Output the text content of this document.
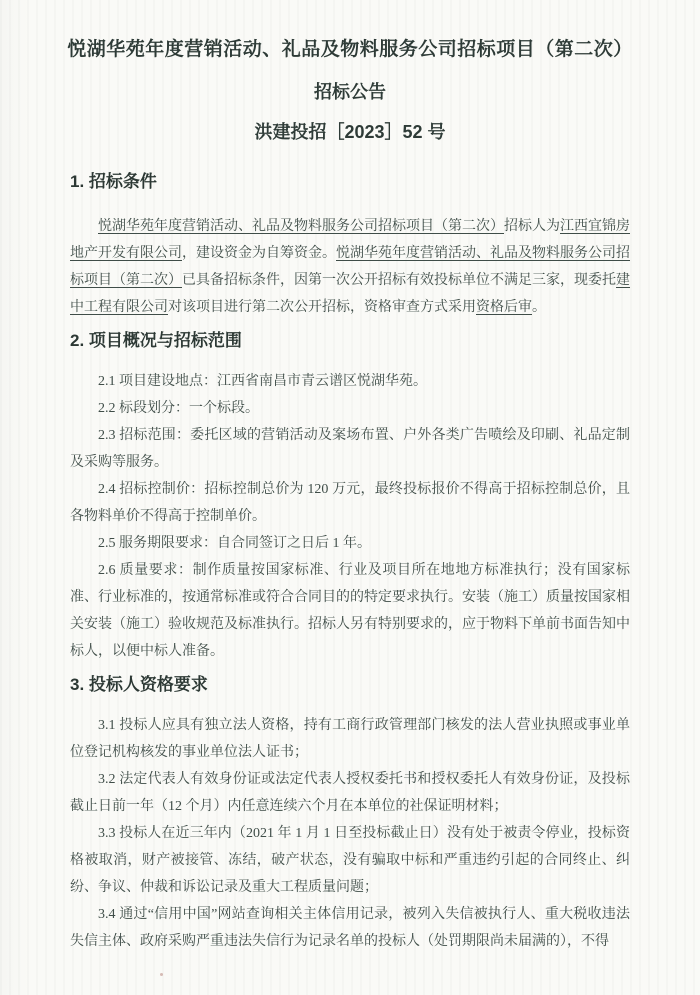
悦湖华苑年度营销活动、礼品及物料服务公司招标项目（第二次）
招标公告
洪建投招［2023］52 号
1. 招标条件

悦湖华苑年度营销活动、礼品及物料服务公司招标项目（第二次）招标人为江西宜锦房地产开发有限公司，建设资金为自筹资金。悦湖华苑年度营销活动、礼品及物料服务公司招标项目（第二次）已具备招标条件，因第一次公开招标有效投标单位不满足三家，现委托建中工程有限公司对该项目进行第二次公开招标，资格审查方式采用资格后审。

2. 项目概况与招标范围

2.1 项目建设地点：江西省南昌市青云谱区悦湖华苑。

2.2 标段划分：一个标段。

2.3 招标范围：委托区域的营销活动及案场布置、户外各类广告喷绘及印刷、礼品定制及采购等服务。

2.4 招标控制价：招标控制总价为 120 万元，最终投标报价不得高于招标控制总价，且各物料单价不得高于控制单价。

2.5 服务期限要求：自合同签订之日后 1 年。

2.6 质量要求：制作质量按国家标准、行业及项目所在地地方标准执行；没有国家标准、行业标准的，按通常标准或符合合同目的的特定要求执行。安装（施工）质量按国家相关安装（施工）验收规范及标准执行。招标人另有特别要求的，应于物料下单前书面告知中标人，以便中标人准备。

3. 投标人资格要求

3.1 投标人应具有独立法人资格，持有工商行政管理部门核发的法人营业执照或事业单位登记机构核发的事业单位法人证书；

3.2 法定代表人有效身份证或法定代表人授权委托书和授权委托人有效身份证，及投标截止日前一年（12 个月）内任意连续六个月在本单位的社保证明材料；

3.3 投标人在近三年内（2021 年 1 月 1 日至投标截止日）没有处于被责令停业，投标资格被取消，财产被接管、冻结，破产状态，没有骗取中标和严重违约引起的合同终止、纠纷、争议、仲裁和诉讼记录及重大工程质量问题；

3.4 通过“信用中国”网站查询相关主体信用记录，被列入失信被执行人、重大税收违法失信主体、政府采购严重违法失信行为记录名单的投标人（处罚期限尚未届满的），不得
